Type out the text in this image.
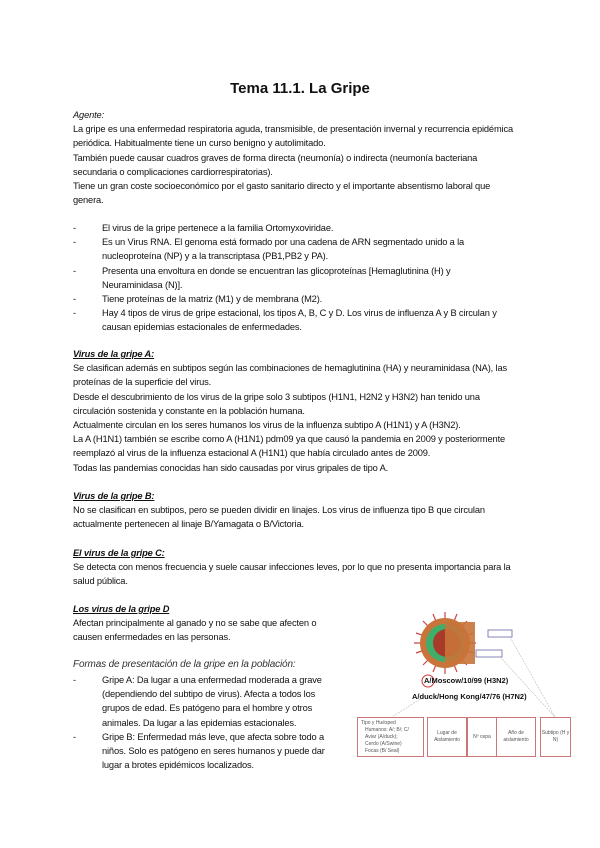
Tema 11.1. La Gripe
Agente:
La gripe es una enfermedad respiratoria aguda, transmisible, de presentación invernal y recurrencia epidémica
periódica. Habitualmente tiene un curso benigno y autolimitado.
También puede causar cuadros graves de forma directa (neumonía) o indirecta (neumonía bacteriana
secundaria o complicaciones cardiorrespiratorias).
Tiene un gran coste socioeconómico por el gasto sanitario directo y el importante absentismo laboral que
genera.
- El virus de la gripe pertenece a la familia Ortomyxoviridae.
- Es un Virus RNA. El genoma está formado por una cadena de ARN segmentado unido a la
nucleoproteína (NP) y a la transcriptasa (PB1,PB2 y PA).
- Presenta una envoltura en donde se encuentran las glicoproteínas [Hemaglutinina (H) y
Neuraminidasa (N)].
- Tiene proteínas de la matriz (M1) y de membrana (M2).
- Hay 4 tipos de virus de gripe estacional, los tipos A, B, C y D. Los virus de influenza A y B circulan y
causan epidemias estacionales de enfermedades.
Virus de la gripe A:
Se clasifican además en subtipos según las combinaciones de hemaglutinina (HA) y neuraminidasa (NA), las
proteínas de la superficie del virus.
Desde el descubrimiento de los virus de la gripe solo 3 subtipos (H1N1, H2N2 y H3N2) han tenido una
circulación sostenida y constante en la población humana.
Actualmente circulan en los seres humanos los virus de la influenza subtipo A (H1N1) y A (H3N2).
La A (H1N1) también se escribe como A (H1N1) pdm09 ya que causó la pandemia en 2009 y posteriormente
reemplazó al virus de la influenza estacional A (H1N1) que había circulado antes de 2009.
Todas las pandemias conocidas han sido causadas por virus gripales de tipo A.
Virus de la gripe B:
No se clasifican en subtipos, pero se pueden dividir en linajes. Los virus de influenza tipo B que circulan
actualmente pertenecen al linaje B/Yamagata o B/Victoria.
El virus de la gripe C:
Se detecta con menos frecuencia y suele causar infecciones leves, por lo que no presenta importancia para la
salud pública.
Los virus de la gripe D
Afectan principalmente al ganado y no se sabe que afecten o
causen enfermedades en las personas.
Formas de presentación de la gripe en la población:
- Gripe A: Da lugar a una enfermedad moderada a grave
(dependiendo del subtipo de virus). Afecta a todos los
grupos de edad. Es patógeno para el hombre y otros
animales. Da lugar a las epidemias estacionales.
- Gripe B: Enfermedad más leve, que afecta sobre todo a
niños. Solo es patógeno en seres humanos y puede dar
lugar a brotes epidémicos localizados.
A/Moscow/10/99 (H3N2)
A/duck/Hong Kong/47/76 (H7N2)
Tipo y Huésped
Humanos: A/; B/; C/
Aviar (A/duck);
Cerdo (A/Swine)
Focas (B/ Seal)
Lugar de Aislamiento
Nº cepa
Año de aislamiento
Subtipo (H y N)
